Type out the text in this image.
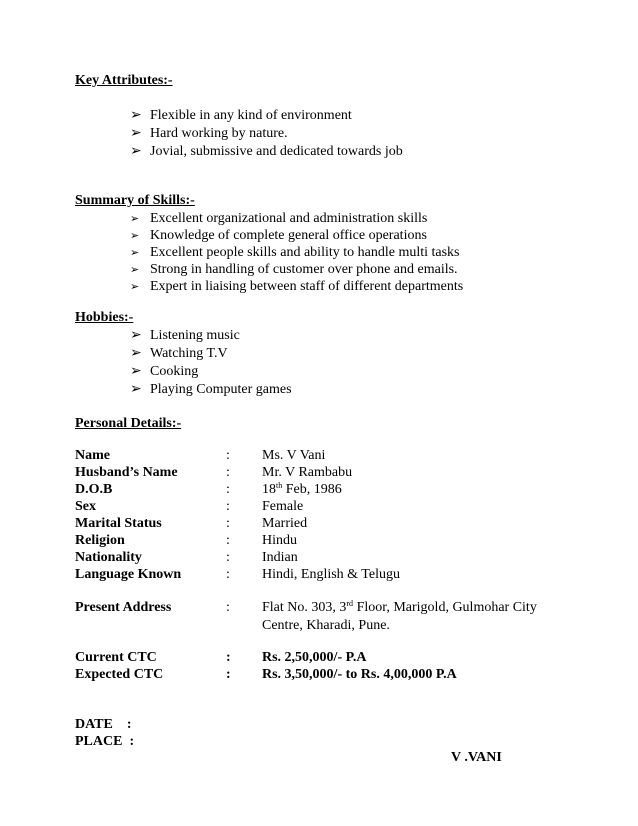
Key Attributes:-
➢ Flexible in any kind of environment
➢ Hard working by nature.
➢ Jovial, submissive and dedicated towards job
Summary of Skills:-
➢ Excellent organizational and administration skills
➢ Knowledge of complete general office operations
➢ Excellent people skills and ability to handle multi tasks
➢ Strong in handling of customer over phone and emails.
➢ Expert in liaising between staff of different departments
Hobbies:-
➢ Listening music
➢ Watching T.V
➢ Cooking
➢ Playing Computer games
Personal Details:-
Name	: Ms. V Vani
Husband’s Name	: Mr. V Rambabu
D.O.B	: 18th Feb, 1986
Sex	: Female
Marital Status	: Married
Religion	: Hindu
Nationality	: Indian
Language Known	: Hindi, English & Telugu
Present Address	: Flat No. 303, 3rd Floor, Marigold, Gulmohar City
Centre, Kharadi, Pune.
Current CTC	: Rs. 2,50,000/- P.A
Expected CTC	: Rs. 3,50,000/- to Rs. 4,00,000 P.A
DATE    :
PLACE  :
V .VANI
